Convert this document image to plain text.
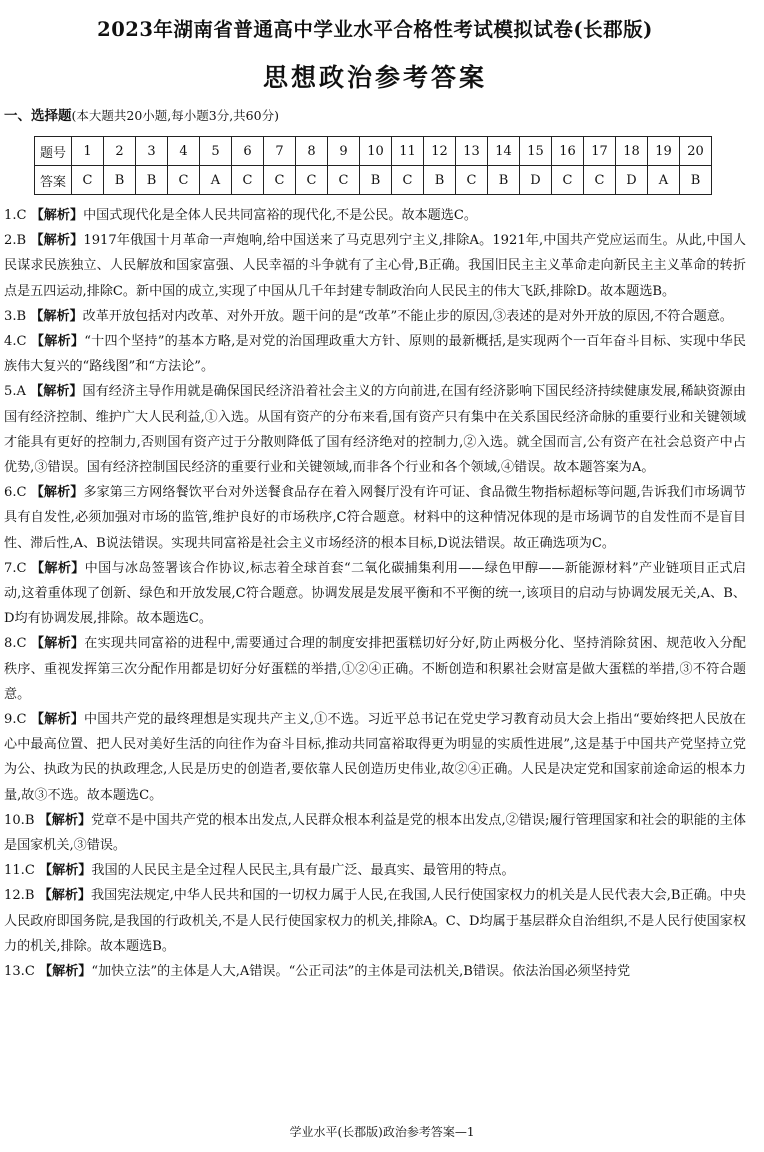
2023年湖南省普通高中学业水平合格性考试模拟试卷(长郡版)
思想政治参考答案
一、选择题(本大题共20小题,每小题3分,共60分)
题号	1	2	3	4	5	6	7	8	9	10	11	12	13	14	15	16	17	18	19	20
答案	C	B	B	C	A	C	C	C	C	B	C	B	C	B	D	C	C	D	A	B

1.C 【解析】中国式现代化是全体人民共同富裕的现代化,不是公民。故本题选C。

2.B 【解析】1917年俄国十月革命一声炮响,给中国送来了马克思列宁主义,排除A。1921年,中国共产党应运而生。从此,中国人民谋求民族独立、人民解放和国家富强、人民幸福的斗争就有了主心骨,B正确。我国旧民主主义革命走向新民主主义革命的转折点是五四运动,排除C。新中国的成立,实现了中国从几千年封建专制政治向人民民主的伟大飞跃,排除D。故本题选B。

3.B 【解析】改革开放包括对内改革、对外开放。题干问的是“改革”不能止步的原因,③表述的是对外开放的原因,不符合题意。

4.C 【解析】“十四个坚持”的基本方略,是对党的治国理政重大方针、原则的最新概括,是实现两个一百年奋斗目标、实现中华民族伟大复兴的“路线图”和“方法论”。

5.A 【解析】国有经济主导作用就是确保国民经济沿着社会主义的方向前进,在国有经济影响下国民经济持续健康发展,稀缺资源由国有经济控制、维护广大人民利益,①入选。从国有资产的分布来看,国有资产只有集中在关系国民经济命脉的重要行业和关键领域才能具有更好的控制力,否则国有资产过于分散则降低了国有经济绝对的控制力,②入选。就全国而言,公有资产在社会总资产中占优势,③错误。国有经济控制国民经济的重要行业和关键领域,而非各个行业和各个领域,④错误。故本题答案为A。

6.C 【解析】多家第三方网络餐饮平台对外送餐食品存在着入网餐厅没有许可证、食品微生物指标超标等问题,告诉我们市场调节具有自发性,必须加强对市场的监管,维护良好的市场秩序,C符合题意。材料中的这种情况体现的是市场调节的自发性而不是盲目性、滞后性,A、B说法错误。实现共同富裕是社会主义市场经济的根本目标,D说法错误。故正确选项为C。

7.C 【解析】中国与冰岛签署该合作协议,标志着全球首套“二氧化碳捕集利用——绿色甲醇——新能源材料”产业链项目正式启动,这着重体现了创新、绿色和开放发展,C符合题意。协调发展是发展平衡和不平衡的统一,该项目的启动与协调发展无关,A、B、D均有协调发展,排除。故本题选C。

8.C 【解析】在实现共同富裕的进程中,需要通过合理的制度安排把蛋糕切好分好,防止两极分化、坚持消除贫困、规范收入分配秩序、重视发挥第三次分配作用都是切好分好蛋糕的举措,①②④正确。不断创造和积累社会财富是做大蛋糕的举措,③不符合题意。

9.C 【解析】中国共产党的最终理想是实现共产主义,①不选。习近平总书记在党史学习教育动员大会上指出“要始终把人民放在心中最高位置、把人民对美好生活的向往作为奋斗目标,推动共同富裕取得更为明显的实质性进展”,这是基于中国共产党坚持立党为公、执政为民的执政理念,人民是历史的创造者,要依靠人民创造历史伟业,故②④正确。人民是决定党和国家前途命运的根本力量,故③不选。故本题选C。

10.B 【解析】党章不是中国共产党的根本出发点,人民群众根本利益是党的根本出发点,②错误;履行管理国家和社会的职能的主体是国家机关,③错误。

11.C 【解析】我国的人民民主是全过程人民民主,具有最广泛、最真实、最管用的特点。

12.B 【解析】我国宪法规定,中华人民共和国的一切权力属于人民,在我国,人民行使国家权力的机关是人民代表大会,B正确。中央人民政府即国务院,是我国的行政机关,不是人民行使国家权力的机关,排除A。C、D均属于基层群众自治组织,不是人民行使国家权力的机关,排除。故本题选B。

13.C 【解析】“加快立法”的主体是人大,A错误。“公正司法”的主体是司法机关,B错误。依法治国必须坚持党

学业水平(长郡版)政治参考答案—1
